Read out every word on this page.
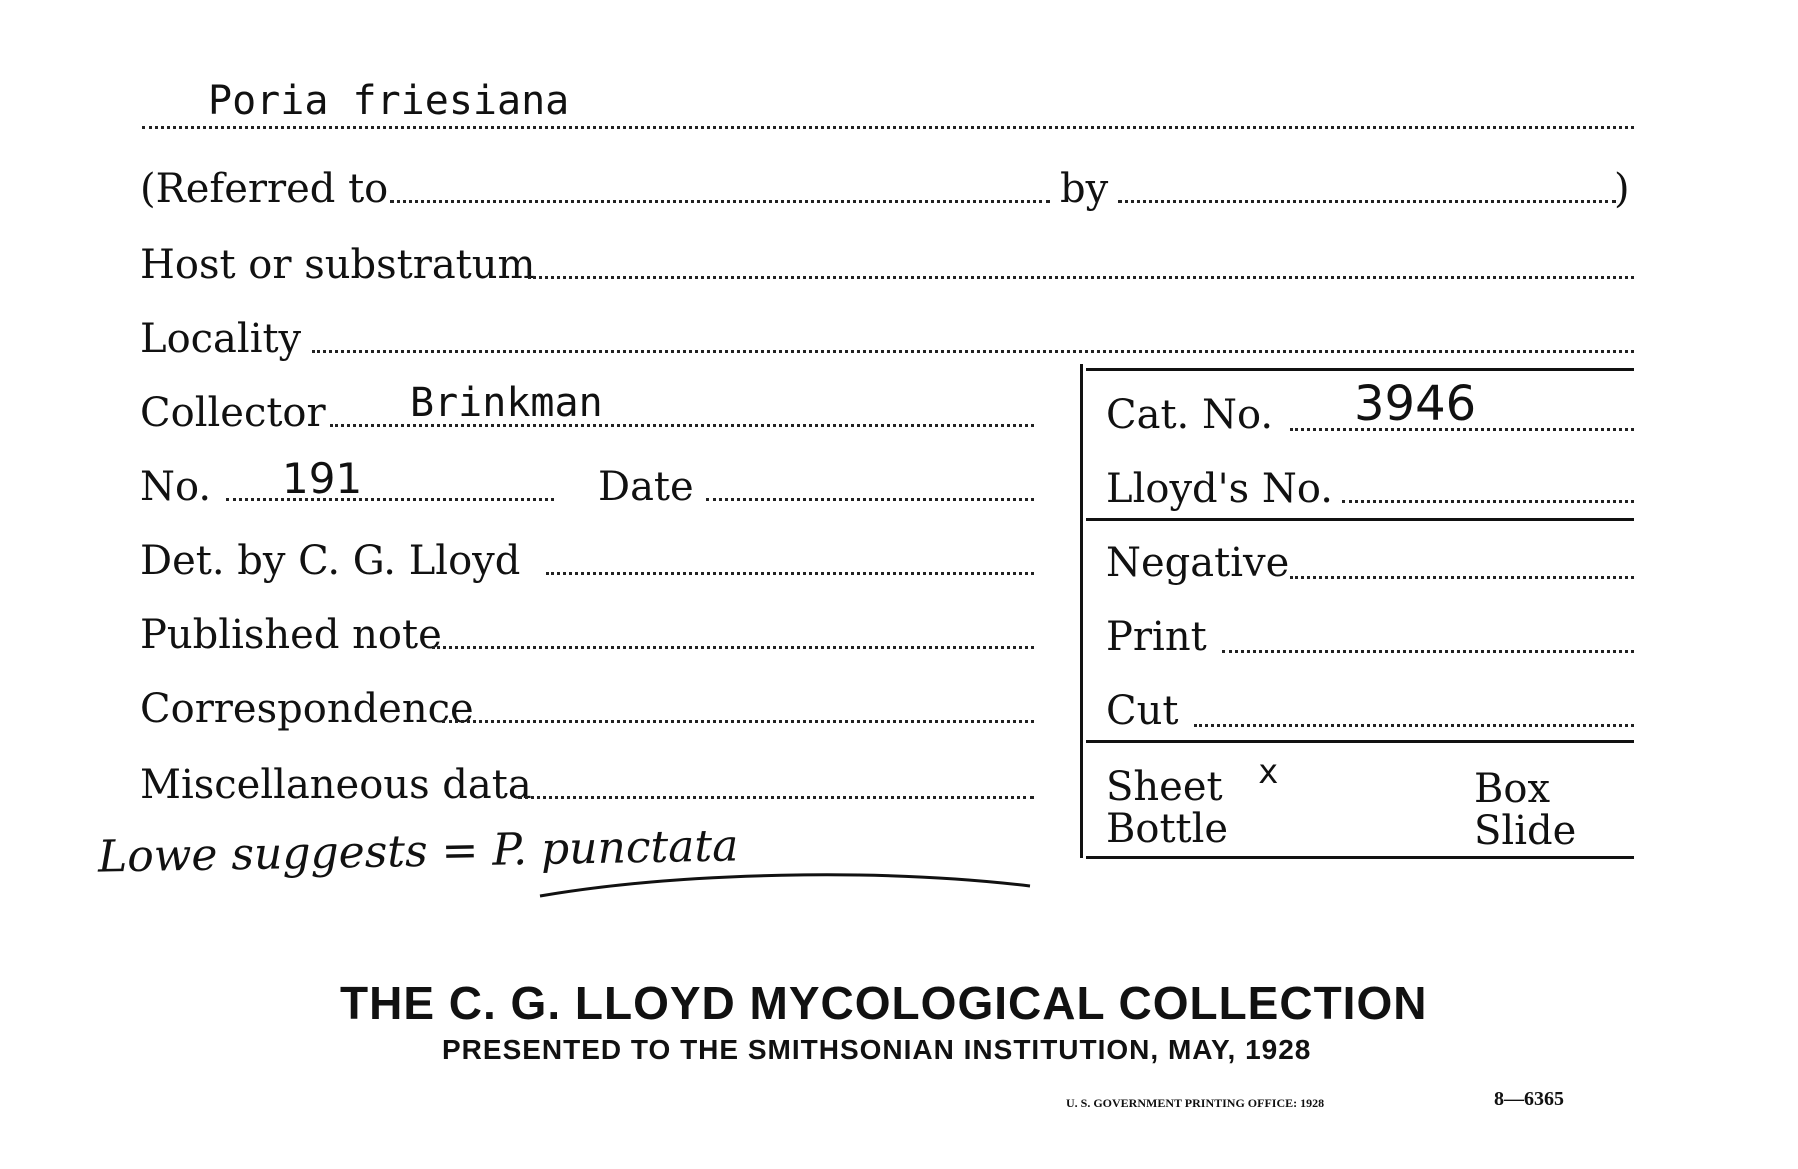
Poria friesiana
(Referred to	by	)
Host or substratum
Locality
Collector Brinkman
No. 191	Date
Det. by C. G. Lloyd
Published note
Correspondence
Miscellaneous data
Lowe suggests = P. punctata
Cat. No. 3946
Lloyd's No.
Negative
Print
Cut
Sheet x	Box
Bottle	Slide
THE C. G. LLOYD MYCOLOGICAL COLLECTION
PRESENTED TO THE SMITHSONIAN INSTITUTION, MAY, 1928
U. S. GOVERNMENT PRINTING OFFICE: 1928	8—6365
